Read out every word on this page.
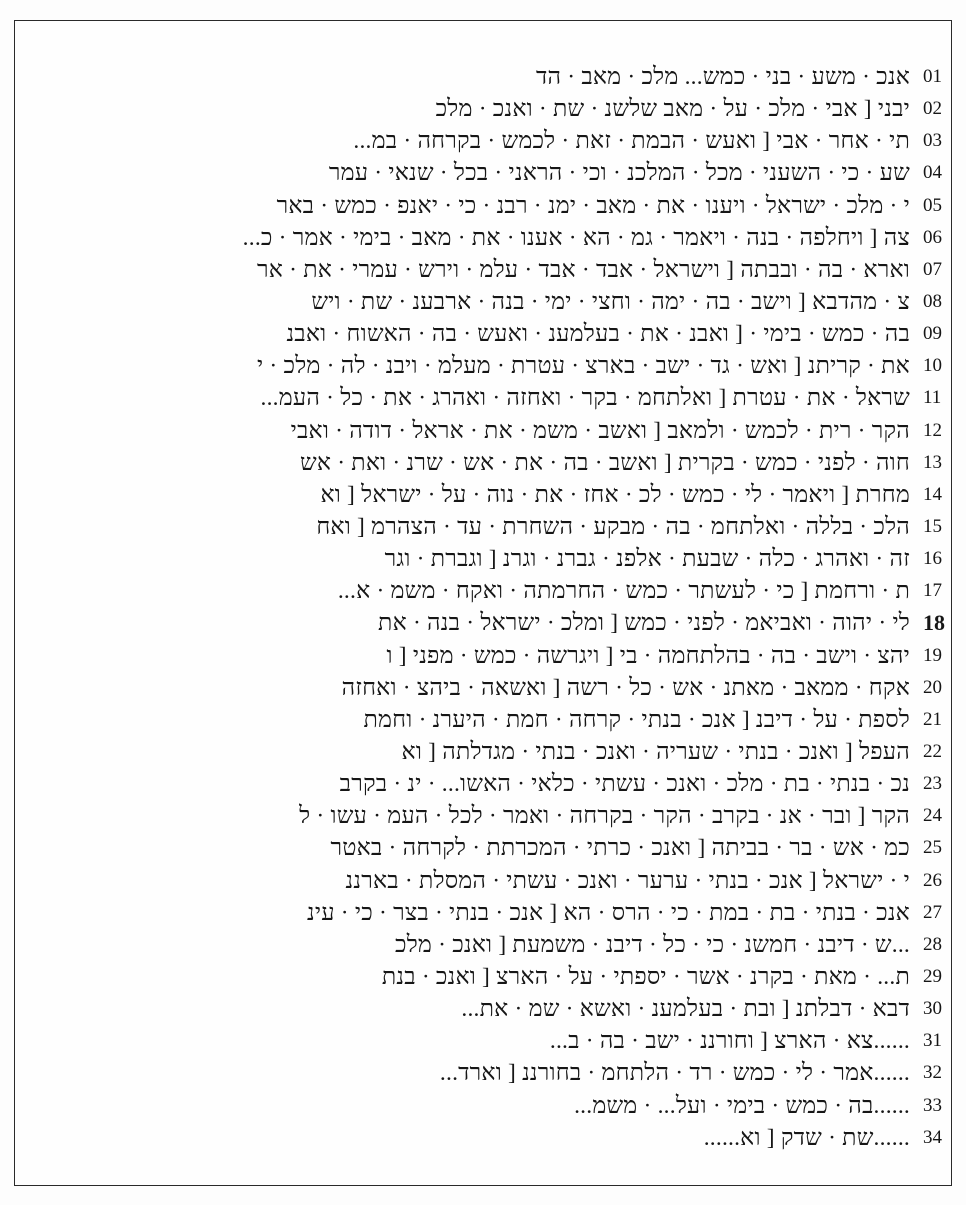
01
אנכ · משע · בני · כמש... מלכ · מאב · הד
02
יבני [ אבי · מלכ · על · מאב שלשנ · שת · ואנכ · מלכ
03
תי · אחר · אבי [ ואעש · הבמת · זאת · לכמש · בקרחה · במ...
04
שע · כי · השעני · מכל · המלכנ · וכי · הראני · בכל · שנאי · עמר
05
י · מלכ · ישראל · ויענו · את · מאב · ימנ · רבנ · כי · יאנפ · כמש · באר
06
צה [ ויחלפה · בנה · ויאמר · גמ · הא · אענו · את · מאב · בימי · אמר · כ...
07
וארא · בה · ובבתה [ וישראל · אבד · אבד · עלמ · וירש · עמרי · את · אר
08
צ · מהדבא [ וישב · בה · ימה · וחצי · ימי · בנה · ארבענ · שת · ויש
09
בה · כמש · בימי · [ ואבנ · את · בעלמענ · ואעש · בה · האשוח · ואבנ
10
את · קריתנ [ ואש · גד · ישב · בארצ · עטרת · מעלמ · ויבנ · לה · מלכ · י
11
שראל · את · עטרת [ ואלתחמ · בקר · ואחזה · ואהרג · את · כל · העמ...
12
הקר · רית · לכמש · ולמאב [ ואשב · משמ · את · אראל · דודה · ואבי
13
חוה · לפני · כמש · בקרית [ ואשב · בה · את · אש · שרנ · ואת · אש
14
מחרת [ ויאמר · לי · כמש · לכ · אחז · את · נוה · על · ישראל [ וא
15
הלכ · בללה · ואלתחמ · בה · מבקע · השחרת · עד · הצהרמ [ ואח
16
זה · ואהרג · כלה · שבעת · אלפנ · גברנ · וגרנ [ וגברת · וגר
17
ת · ורחמת [ כי · לעשתר · כמש · החרמתה · ואקח · משמ · א...
18
לי · יהוה · ואביאמ · לפני · כמש [ ומלכ · ישראל · בנה · את
19
יהצ · וישב · בה · בהלתחמה · בי [ ויגרשה · כמש · מפני [ ו
20
אקח · ממאב · מאתנ · אש · כל · רשה [ ואשאה · ביהצ · ואחזה
21
לספת · על · דיבנ [ אנכ · בנתי · קרחה · חמת · היערנ · וחמת
22
העפל [ ואנכ · בנתי · שעריה · ואנכ · בנתי · מגדלתה [ וא
23
נכ · בנתי · בת · מלכ · ואנכ · עשתי · כלאי · האשו... · ינ · בקרב
24
הקר [ ובר · אנ · בקרב · הקר · בקרחה · ואמר · לכל · העמ · עשו · ל
25
כמ · אש · בר · בביתה [ ואנכ · כרתי · המכרתת · לקרחה · באטר
26
י · ישראל [ אנכ · בנתי · ערער · ואנכ · עשתי · המסלת · בארננ
27
אנכ · בנתי · בת · במת · כי · הרס · הא [ אנכ · בנתי · בצר · כי · עינ
28
...ש · דיבנ · חמשנ · כי · כל · דיבנ · משמעת [ ואנכ · מלכ
29
ת... · מאת · בקרנ · אשר · יספתי · על · הארצ [ ואנכ · בנת
30
דבא · דבלתנ [ ובת · בעלמענ · ואשא · שמ · את...
31
......צא · הארצ [ וחורננ · ישב · בה · ב...
32
......אמר · לי · כמש · רד · הלתחמ · בחורננ [ וארד...
33
......בה · כמש · בימי · ועל... · משמ...
34
......שת · שדק [ וא......
